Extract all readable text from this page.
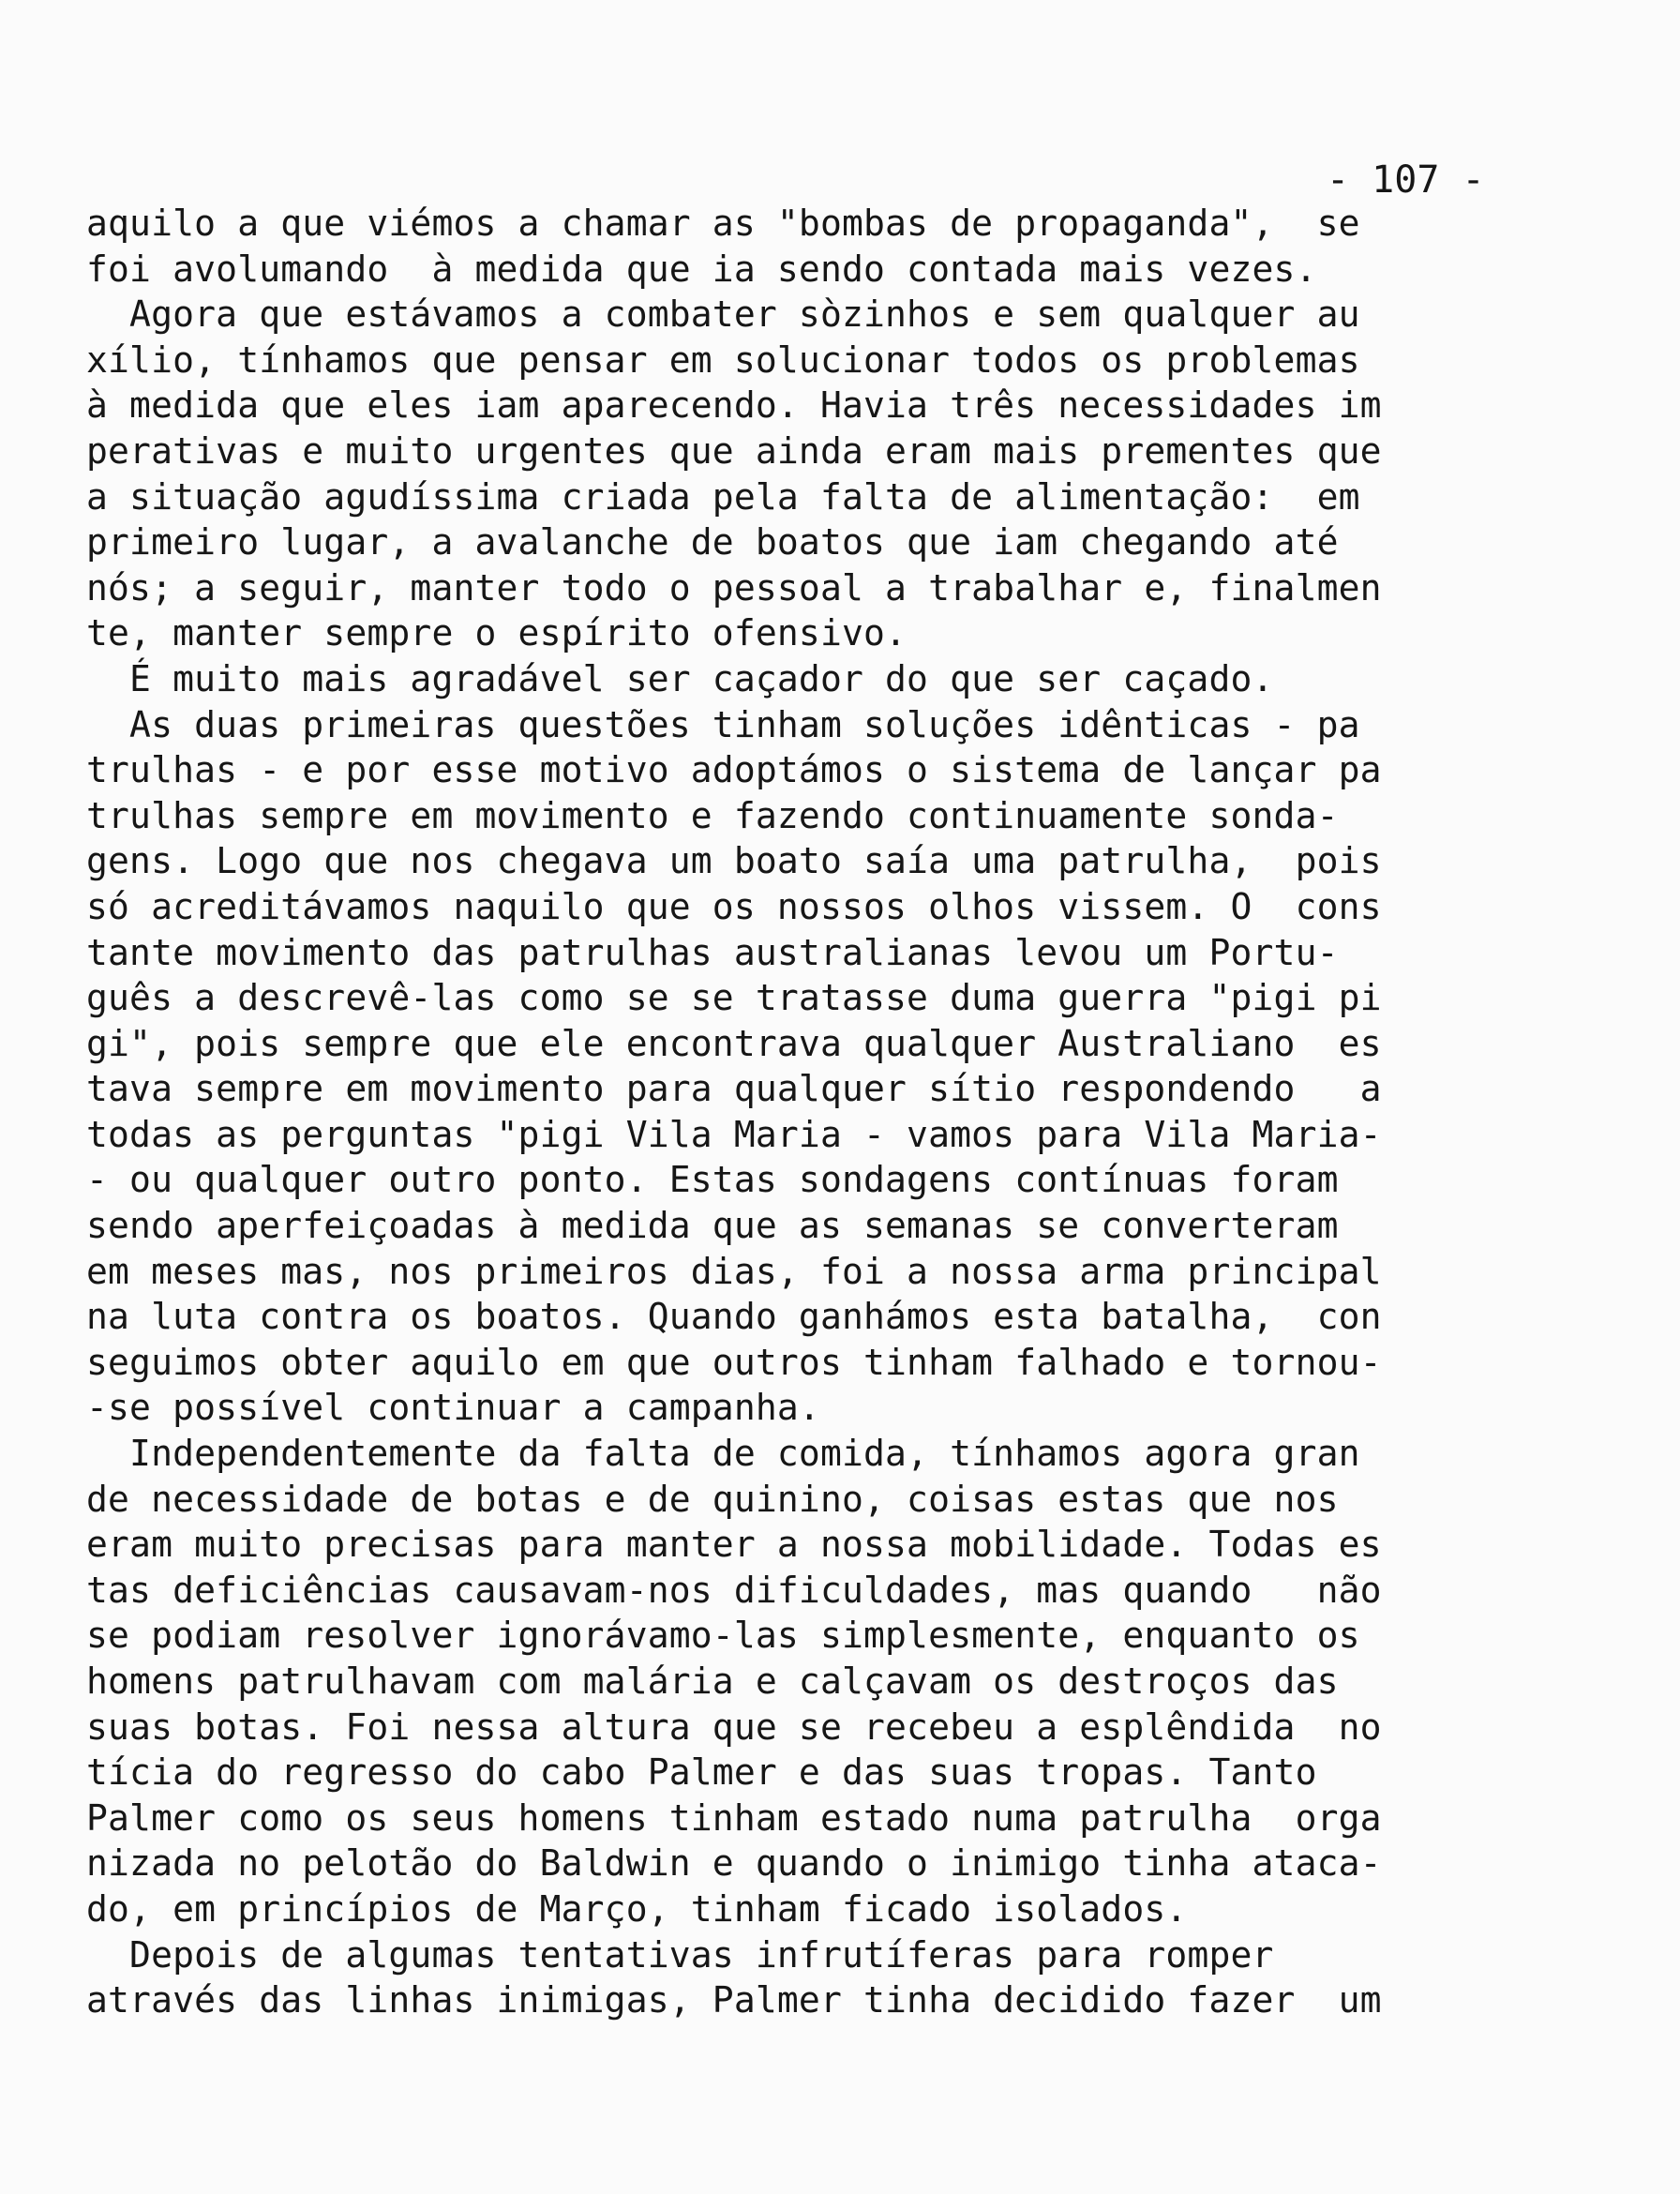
- 107 -
aquilo a que viémos a chamar as "bombas de propaganda",  se
foi avolumando  à medida que ia sendo contada mais vezes.
Agora que estávamos a combater sòzinhos e sem qualquer au
xílio, tínhamos que pensar em solucionar todos os problemas
à medida que eles iam aparecendo. Havia três necessidades im
perativas e muito urgentes que ainda eram mais prementes que
a situação agudíssima criada pela falta de alimentação:  em
primeiro lugar, a avalanche de boatos que iam chegando até
nós; a seguir, manter todo o pessoal a trabalhar e, finalmen
te, manter sempre o espírito ofensivo.
É muito mais agradável ser caçador do que ser caçado.
As duas primeiras questões tinham soluções idênticas - pa
trulhas - e por esse motivo adoptámos o sistema de lançar pa
trulhas sempre em movimento e fazendo continuamente sonda-
gens. Logo que nos chegava um boato saía uma patrulha,  pois
só acreditávamos naquilo que os nossos olhos vissem. O  cons
tante movimento das patrulhas australianas levou um Portu-
guês a descrevê-las como se se tratasse duma guerra "pigi pi
gi", pois sempre que ele encontrava qualquer Australiano  es
tava sempre em movimento para qualquer sítio respondendo   a
todas as perguntas "pigi Vila Maria - vamos para Vila Maria-
- ou qualquer outro ponto. Estas sondagens contínuas foram
sendo aperfeiçoadas à medida que as semanas se converteram
em meses mas, nos primeiros dias, foi a nossa arma principal
na luta contra os boatos. Quando ganhámos esta batalha,  con
seguimos obter aquilo em que outros tinham falhado e tornou-
-se possível continuar a campanha.
Independentemente da falta de comida, tínhamos agora gran
de necessidade de botas e de quinino, coisas estas que nos
eram muito precisas para manter a nossa mobilidade. Todas es
tas deficiências causavam-nos dificuldades, mas quando   não
se podiam resolver ignorávamo-las simplesmente, enquanto os
homens patrulhavam com malária e calçavam os destroços das
suas botas. Foi nessa altura que se recebeu a esplêndida  no
tícia do regresso do cabo Palmer e das suas tropas. Tanto
Palmer como os seus homens tinham estado numa patrulha  orga
nizada no pelotão do Baldwin e quando o inimigo tinha ataca-
do, em princípios de Março, tinham ficado isolados.
Depois de algumas tentativas infrutíferas para romper
através das linhas inimigas, Palmer tinha decidido fazer  um
